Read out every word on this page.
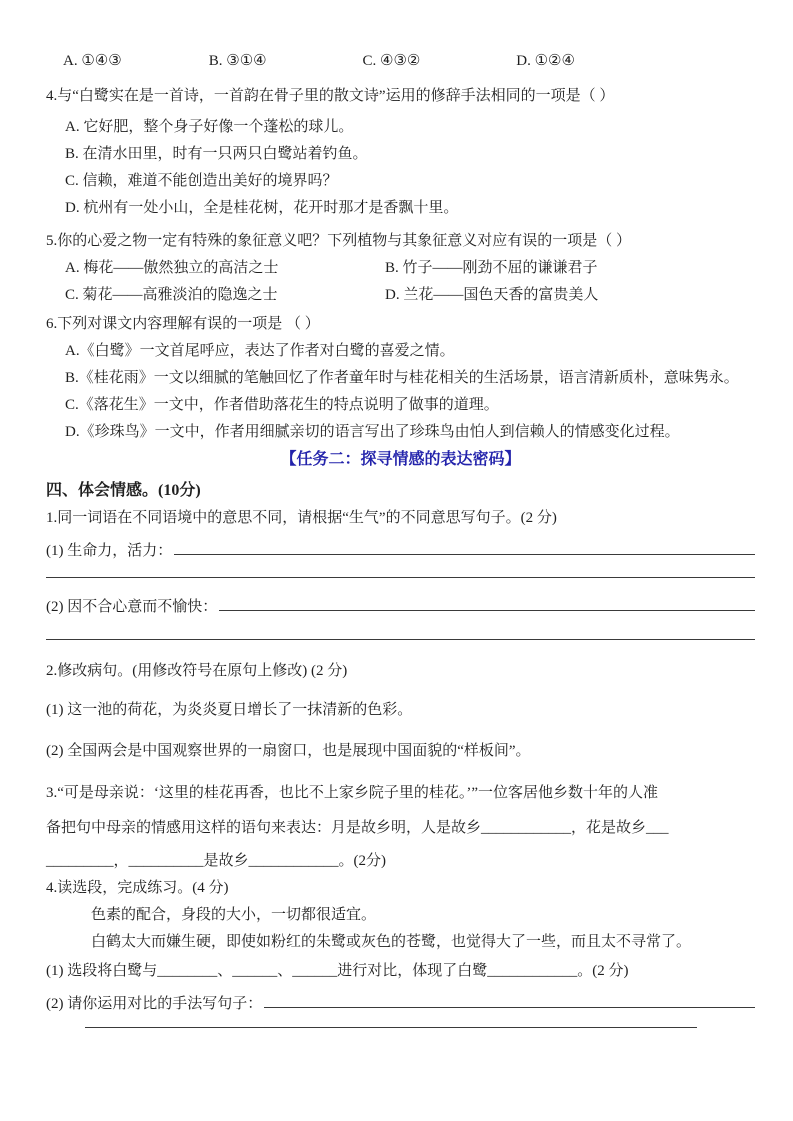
A. ①④③	B. ③①④	C. ④③②	D. ①②④
4.与“白鹭实在是一首诗，一首韵在骨子里的散文诗”运用的修辞手法相同的一项是（ ）
A. 它好肥，整个身子好像一个蓬松的球儿。
B. 在清水田里，时有一只两只白鹭站着钓鱼。
C. 信赖，难道不能创造出美好的境界吗？
D. 杭州有一处小山，全是桂花树，花开时那才是香飘十里。
5.你的心爱之物一定有特殊的象征意义吧？下列植物与其象征意义对应有误的一项是（ ）
A. 梅花——傲然独立的高洁之士	B. 竹子——刚劲不屈的谦谦君子
C. 菊花——高雅淡泊的隐逸之士	D. 兰花——国色天香的富贵美人
6.下列对课文内容理解有误的一项是 （ ）
A.《白鹭》一文首尾呼应，表达了作者对白鹭的喜爱之情。
B.《桂花雨》一文以细腻的笔触回忆了作者童年时与桂花相关的生活场景，语言清新质朴，意味隽永。
C.《落花生》一文中，作者借助落花生的特点说明了做事的道理。
D.《珍珠鸟》一文中，作者用细腻亲切的语言写出了珍珠鸟由怕人到信赖人的情感变化过程。
【任务二：探寻情感的表达密码】
四、体会情感。(10分)
1.同一词语在不同语境中的意思不同，请根据“生气”的不同意思写句子。(2 分)
(1) 生命力，活力：
(2) 因不合心意而不愉快：
2.修改病句。(用修改符号在原句上修改) (2 分)
(1) 这一池的荷花，为炎炎夏日增长了一抹清新的色彩。
(2) 全国两会是中国观察世界的一扇窗口，也是展现中国面貌的“样板间”。
3.“可是母亲说：‘这里的桂花再香，也比不上家乡院子里的桂花。’”一位客居他乡数十年的人准
备把句中母亲的情感用这样的语句来表达：月是故乡明，人是故乡____________，花是故乡___
_________，__________是故乡____________。(2分)
4.读选段，完成练习。(4 分)
色素的配合，身段的大小，一切都很适宜。
白鹤太大而嫌生硬，即使如粉红的朱鹭或灰色的苍鹭，也觉得大了一些，而且太不寻常了。
(1) 选段将白鹭与________、______、______进行对比，体现了白鹭____________。(2 分)
(2) 请你运用对比的手法写句子：
